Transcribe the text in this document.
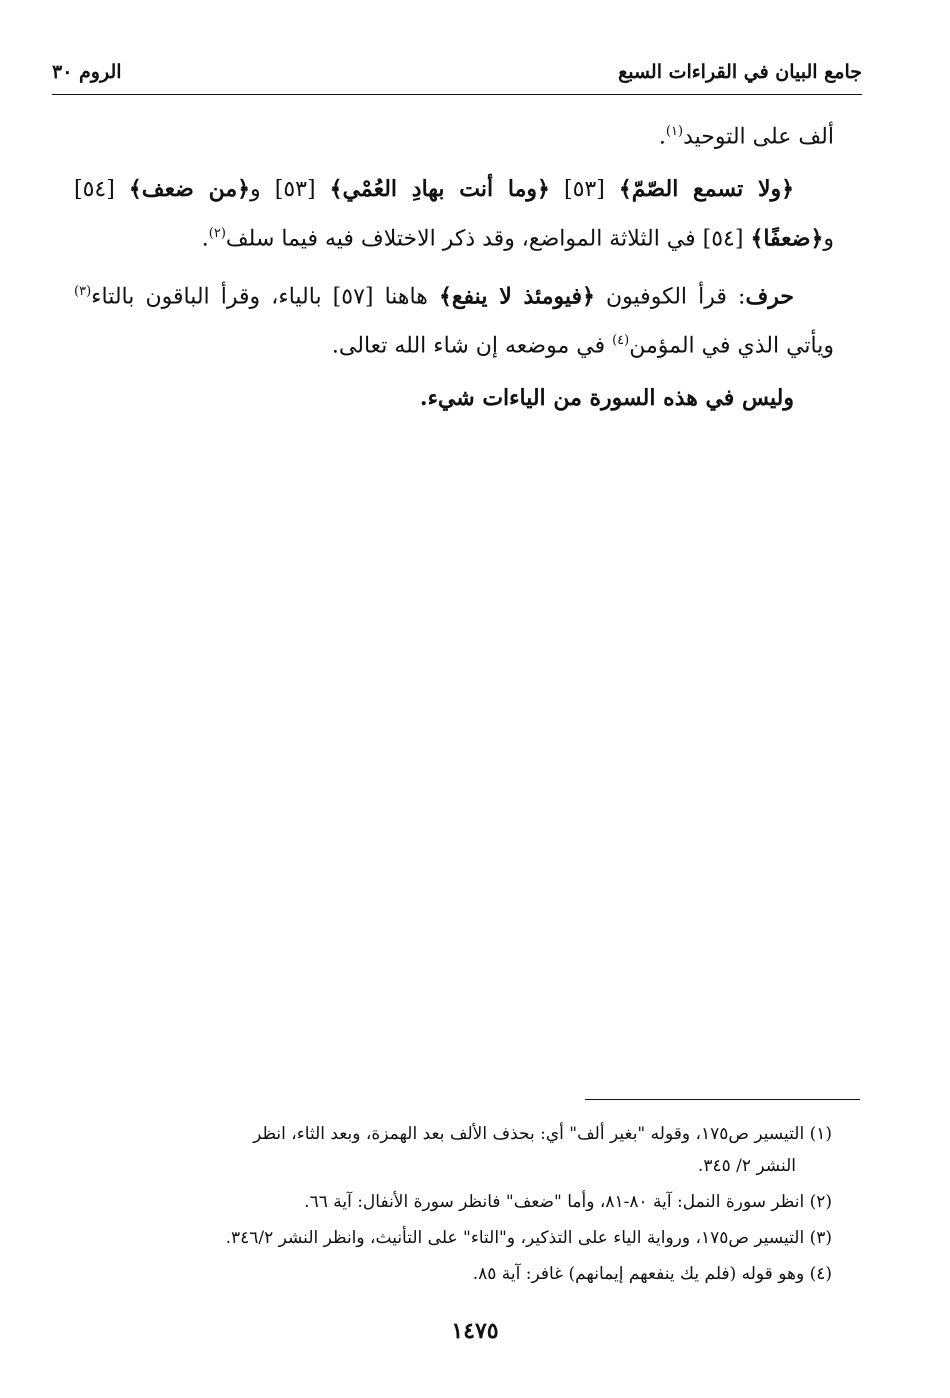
جامع البيان في القراءات السبع
الروم ٣٠

ألف على التوحيد$^{(١)}$.

﴿ولا تسمع الصّمّ﴾ [٥٣] ﴿وما أنت بهادِ العُمْي﴾ [٥٣] و﴿من ضعف﴾ [٥٤] و﴿ضعفًا﴾ [٥٤] في الثلاثة المواضع، وقد ذكر الاختلاف فيه فيما سلف$^{(٢)}$.

حرف: قرأ الكوفيون ﴿فيومئذ لا ينفع﴾ هاهنا [٥٧] بالياء، وقرأ الباقون بالتاء$^{(٣)}$ ويأتي الذي في المؤمن$^{(٤)}$ في موضعه إن شاء الله تعالى.

وليس في هذه السورة من الياءات شيء.

(١) التيسير ص١٧٥، وقوله "بغير ألف" أي: بحذف الألف بعد الهمزة، وبعد الثاء، انظر
النشر ٢/ ٣٤٥.

(٢) انظر سورة النمل: آية ٨٠-٨١، وأما "ضعف" فانظر سورة الأنفال: آية ٦٦.

(٣) التيسير ص١٧٥، ورواية الياء على التذكير، و"التاء" على التأنيث، وانظر النشر ٣٤٦/٢.

(٤) وهو قوله (فلم يك ينفعهم إيمانهم) غافر: آية ٨٥.

١٤٧٥
